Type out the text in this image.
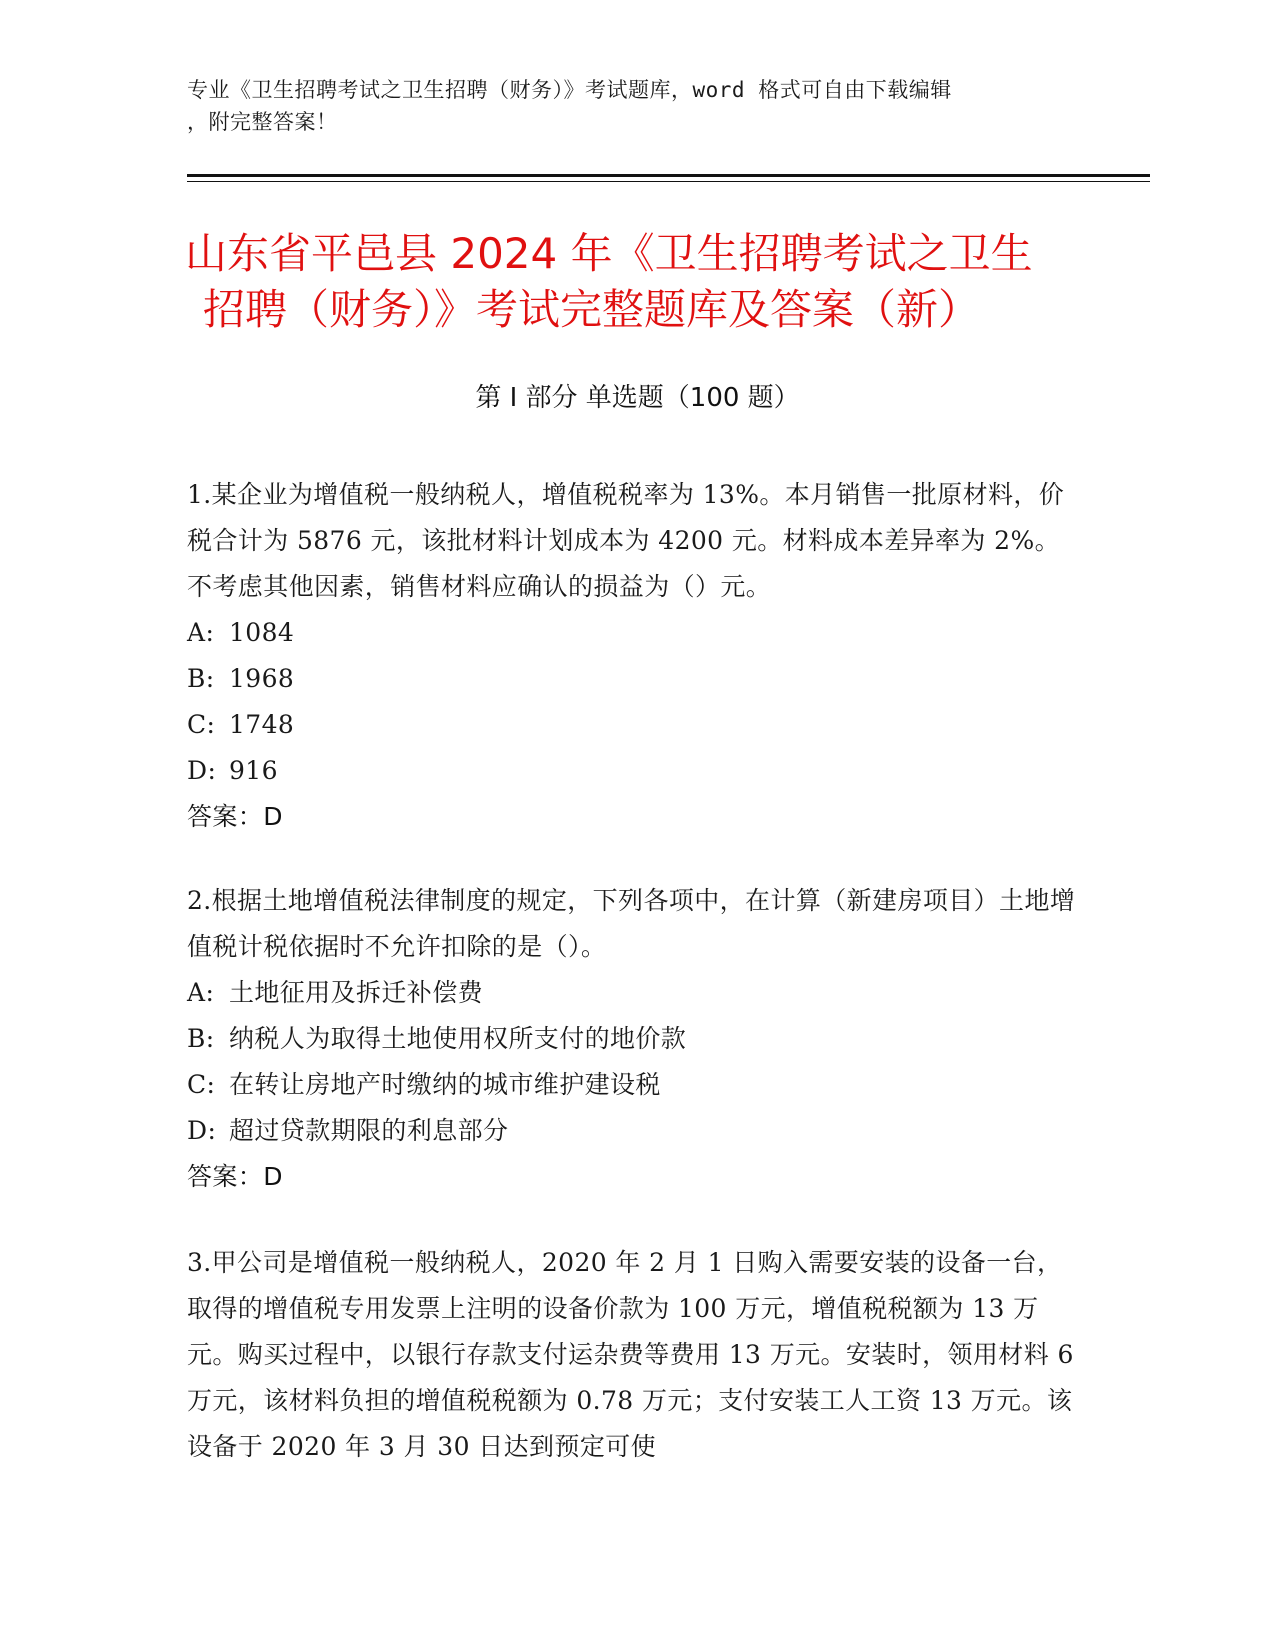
专业《卫生招聘考试之卫生招聘（财务）》考试题库，word 格式可自由下载编辑
，附完整答案！
山东省平邑县 2024 年《卫生招聘考试之卫生
招聘（财务）》考试完整题库及答案（新）
第 I 部分 单选题（100 题）

1.某企业为增值税一般纳税人，增值税税率为 13%。本月销售一批原材料，价税合计为 5876 元，该批材料计划成本为 4200 元。材料成本差异率为 2%。不考虑其他因素，销售材料应确认的损益为（）元。

A: 1084

B: 1968

C: 1748

D: 916

答案：D

2.根据土地增值税法律制度的规定，下列各项中，在计算（新建房项目）土地增值税计税依据时不允许扣除的是（）。

A: 土地征用及拆迁补偿费

B: 纳税人为取得土地使用权所支付的地价款

C: 在转让房地产时缴纳的城市维护建设税

D: 超过贷款期限的利息部分

答案：D

3.甲公司是增值税一般纳税人，2020 年 2 月 1 日购入需要安装的设备一台，取得的增值税专用发票上注明的设备价款为 100 万元，增值税税额为 13 万元。购买过程中，以银行存款支付运杂费等费用 13 万元。安装时，领用材料 6 万元，该材料负担的增值税税额为 0.78 万元；支付安装工人工资 13 万元。该设备于 2020 年 3 月 30 日达到预定可使
